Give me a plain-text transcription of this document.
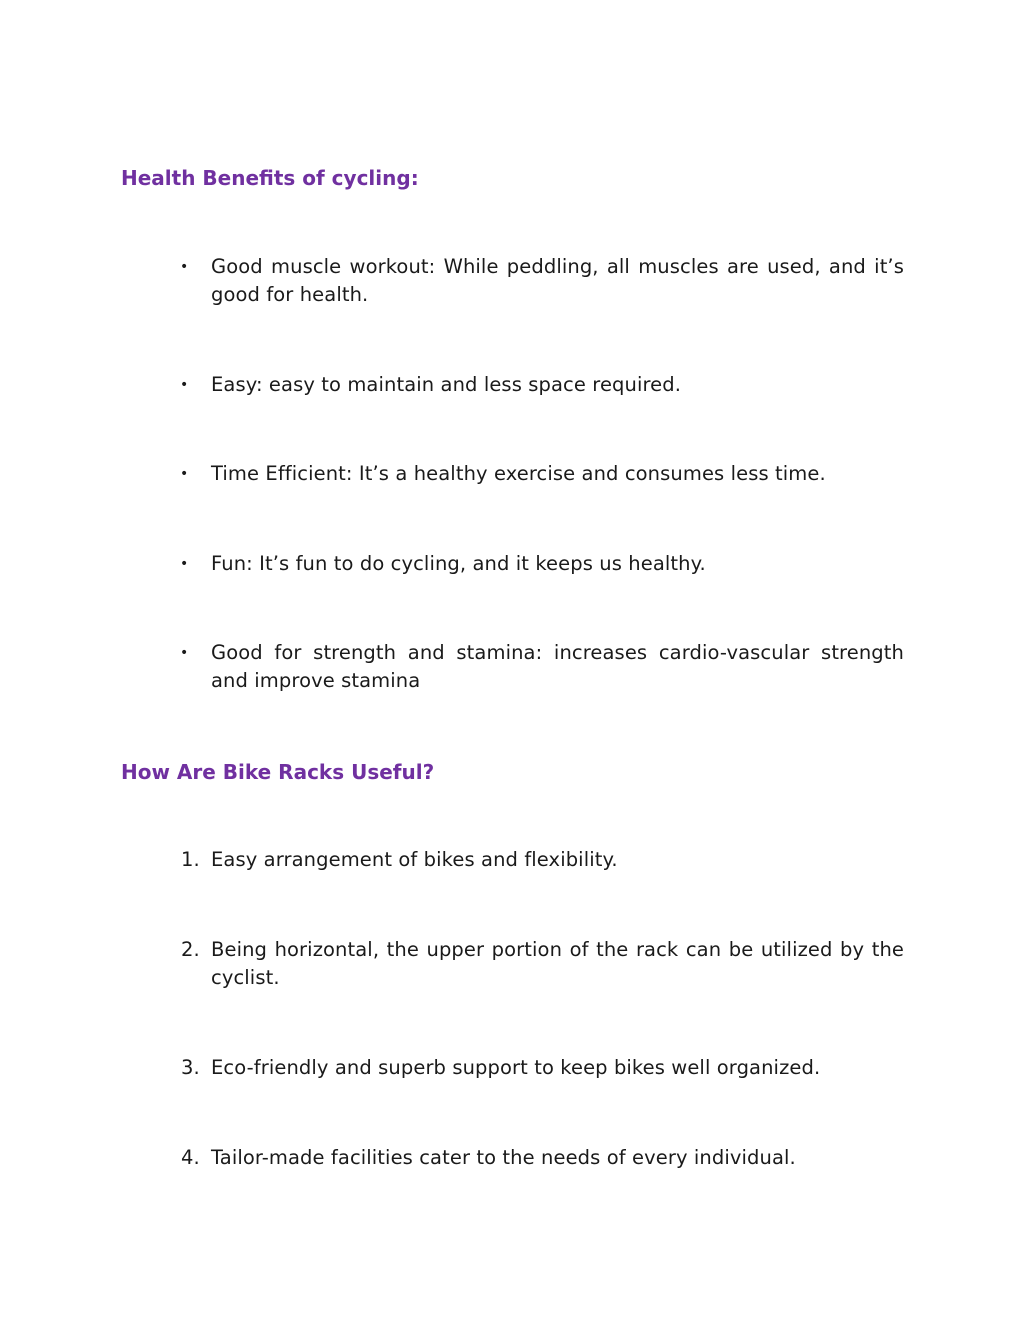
Health Benefits of cycling:
•	Good muscle workout: While peddling, all muscles are used, and it’s good for health.
•	Easy: easy to maintain and less space required.
•	Time Efficient: It’s a healthy exercise and consumes less time.
•	Fun: It’s fun to do cycling, and it keeps us healthy.
•	Good for strength and stamina: increases cardio-vascular strength and improve stamina
How Are Bike Racks Useful?
1. Easy arrangement of bikes and flexibility.
2. Being horizontal, the upper portion of the rack can be utilized by the cyclist.
3. Eco-friendly and superb support to keep bikes well organized.
4. Tailor-made facilities cater to the needs of every individual.
